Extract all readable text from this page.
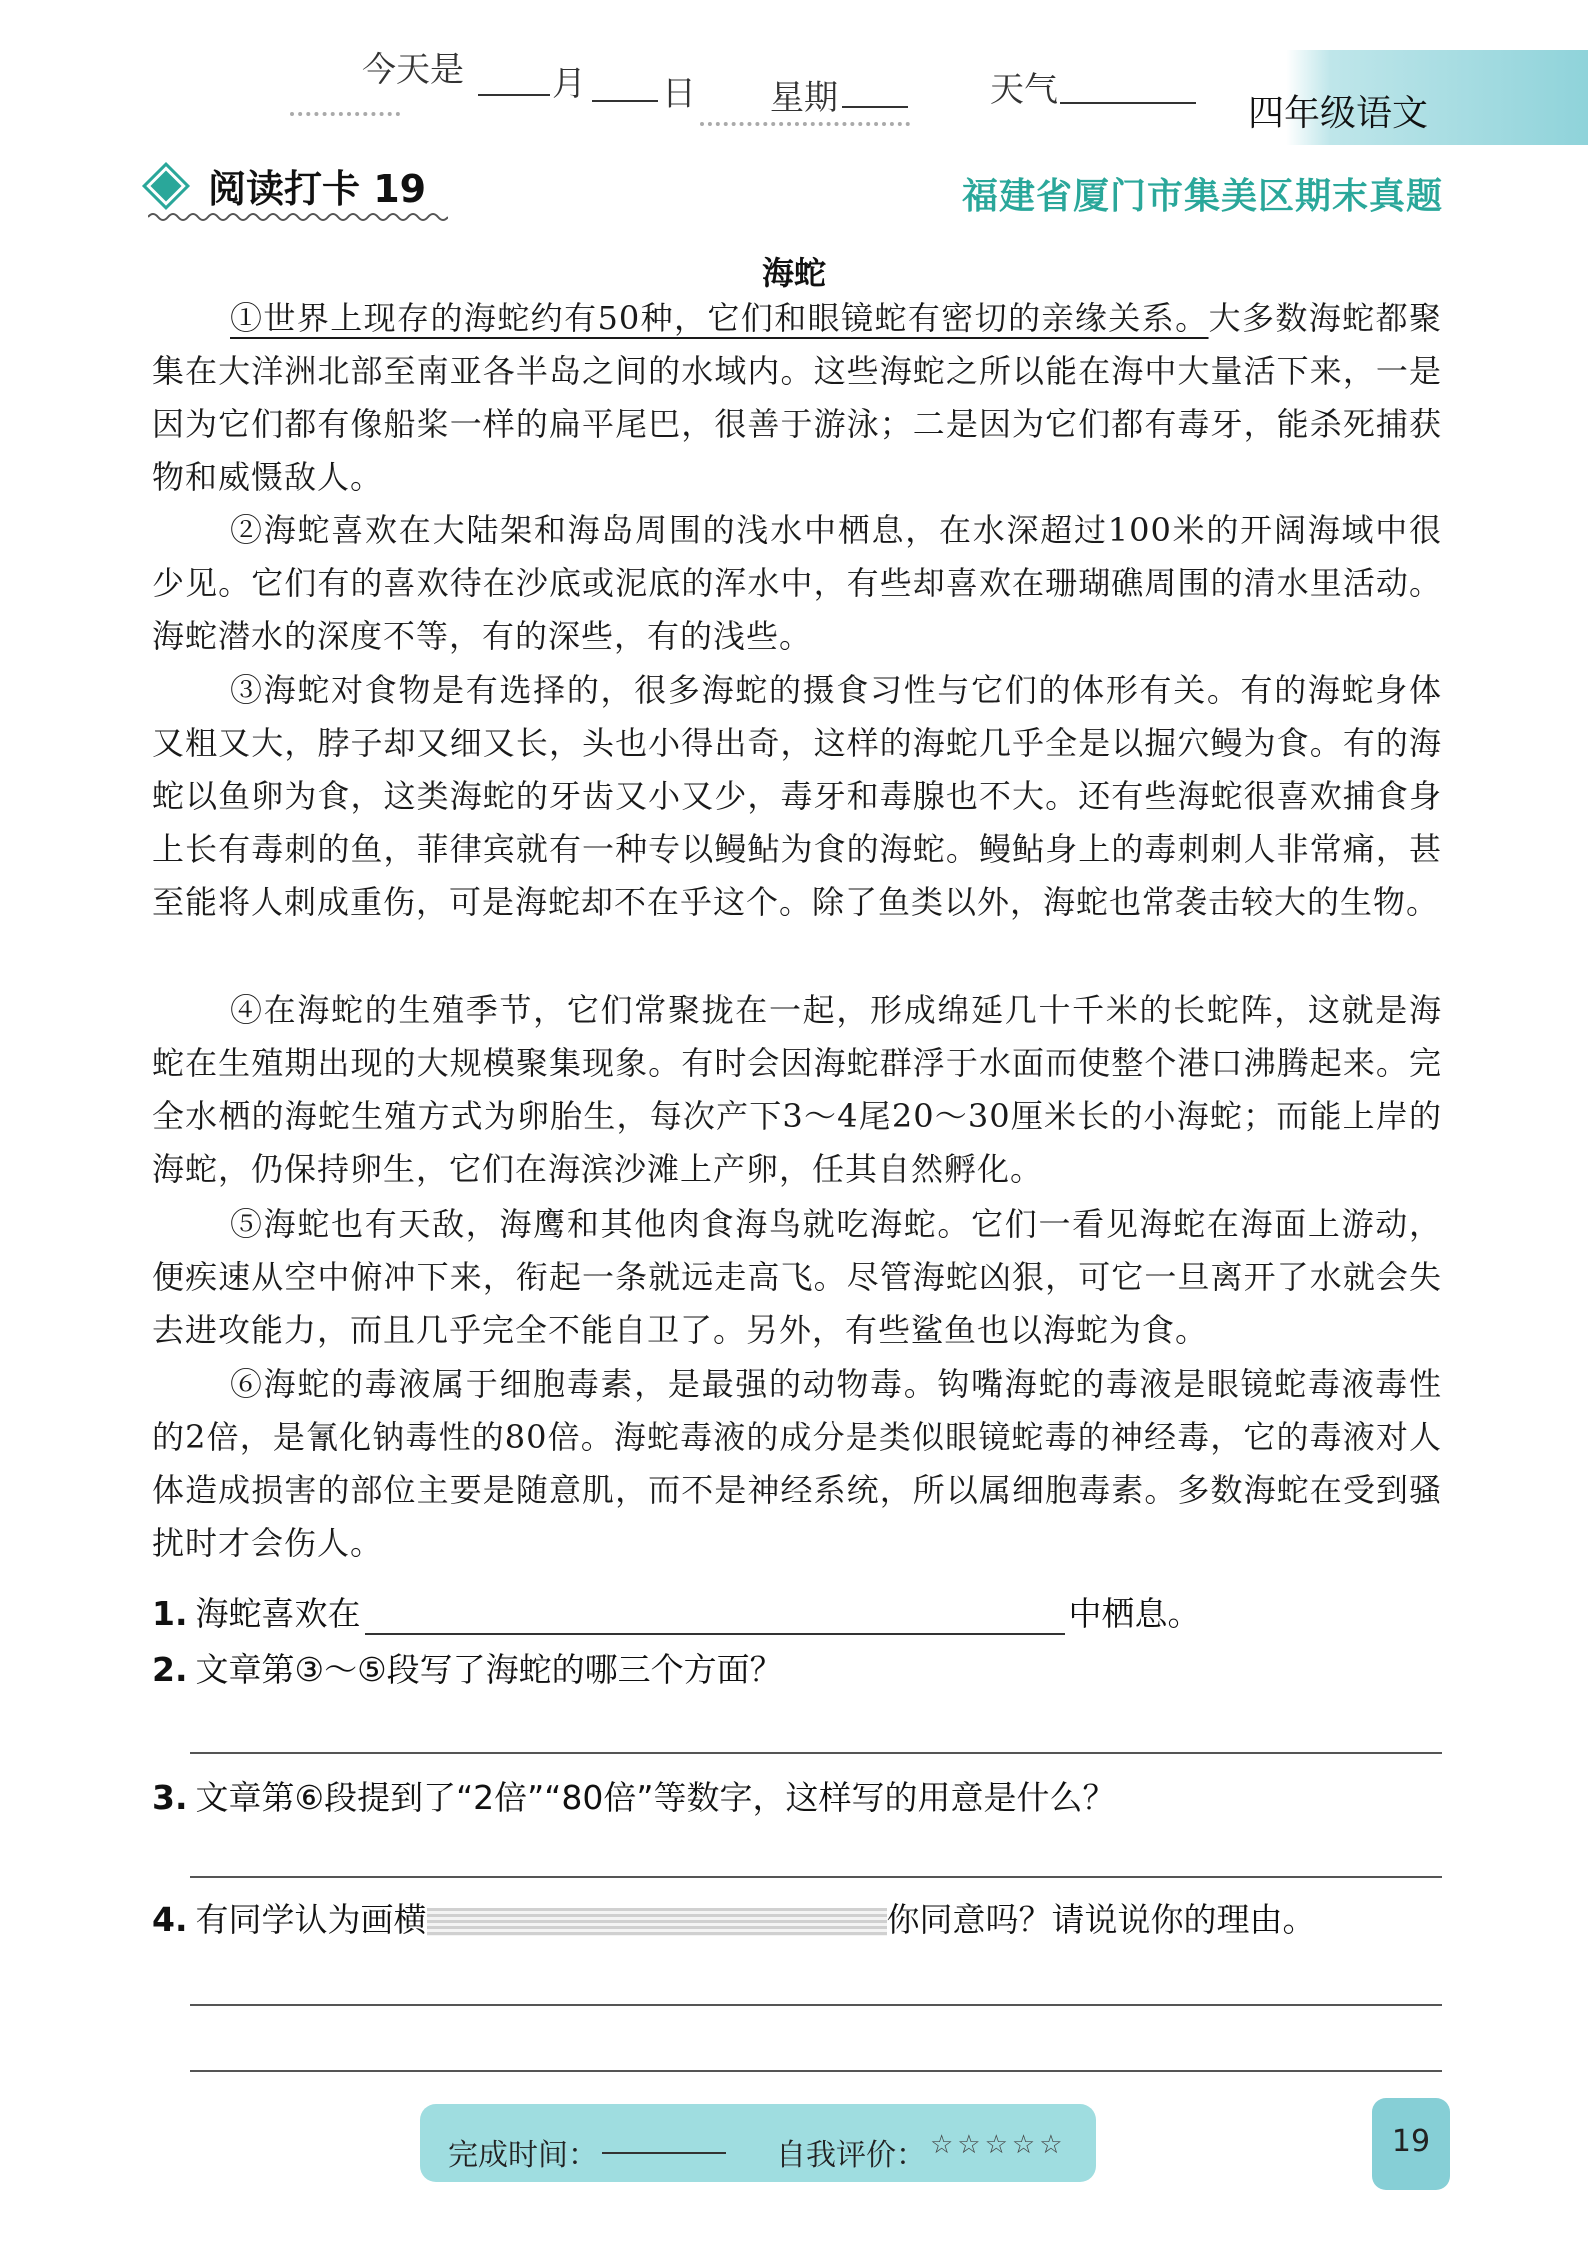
今天是	月 日 星期	天气
四年级语文
阅读打卡 19	福建省厦门市集美区期末真题
海蛇
①世界上现存的海蛇约有50种，它们和眼镜蛇有密切的亲缘关系。大多数海蛇都聚集在大洋洲北部至南亚各半岛之间的水域内。这些海蛇之所以能在海中大量活下来，一是因为它们都有像船桨一样的扁平尾巴，很善于游泳；二是因为它们都有毒牙，能杀死捕获物和威慑敌人。
②海蛇喜欢在大陆架和海岛周围的浅水中栖息，在水深超过100米的开阔海域中很少见。它们有的喜欢待在沙底或泥底的浑水中，有些却喜欢在珊瑚礁周围的清水里活动。海蛇潜水的深度不等，有的深些，有的浅些。
③海蛇对食物是有选择的，很多海蛇的摄食习性与它们的体形有关。有的海蛇身体又粗又大，脖子却又细又长，头也小得出奇，这样的海蛇几乎全是以掘穴鳗为食。有的海蛇以鱼卵为食，这类海蛇的牙齿又小又少，毒牙和毒腺也不大。还有些海蛇很喜欢捕食身上长有毒刺的鱼，菲律宾就有一种专以鳗鲇为食的海蛇。鳗鲇身上的毒刺刺人非常痛，甚至能将人刺成重伤，可是海蛇却不在乎这个。除了鱼类以外，海蛇也常袭击较大的生物。
④在海蛇的生殖季节，它们常聚拢在一起，形成绵延几十千米的长蛇阵，这就是海蛇在生殖期出现的大规模聚集现象。有时会因海蛇群浮于水面而使整个港口沸腾起来。完全水栖的海蛇生殖方式为卵胎生，每次产下3～4尾20～30厘米长的小海蛇；而能上岸的海蛇，仍保持卵生，它们在海滨沙滩上产卵，任其自然孵化。
⑤海蛇也有天敌，海鹰和其他肉食海鸟就吃海蛇。它们一看见海蛇在海面上游动，便疾速从空中俯冲下来，衔起一条就远走高飞。尽管海蛇凶狠，可它一旦离开了水就会失去进攻能力，而且几乎完全不能自卫了。另外，有些鲨鱼也以海蛇为食。
⑥海蛇的毒液属于细胞毒素，是最强的动物毒。钩嘴海蛇的毒液是眼镜蛇毒液毒性的2倍，是氰化钠毒性的80倍。海蛇毒液的成分是类似眼镜蛇毒的神经毒，它的毒液对人体造成损害的部位主要是随意肌，而不是神经系统，所以属细胞毒素。多数海蛇在受到骚扰时才会伤人。
1. 海蛇喜欢在	中栖息。
2. 文章第③～⑤段写了海蛇的哪三个方面？
3. 文章第⑥段提到了“2倍”“80倍”等数字，这样写的用意是什么？
4. 有同学认为画横	你同意吗？请说说你的理由。
完成时间：	自我评价： ☆☆☆☆☆	19
